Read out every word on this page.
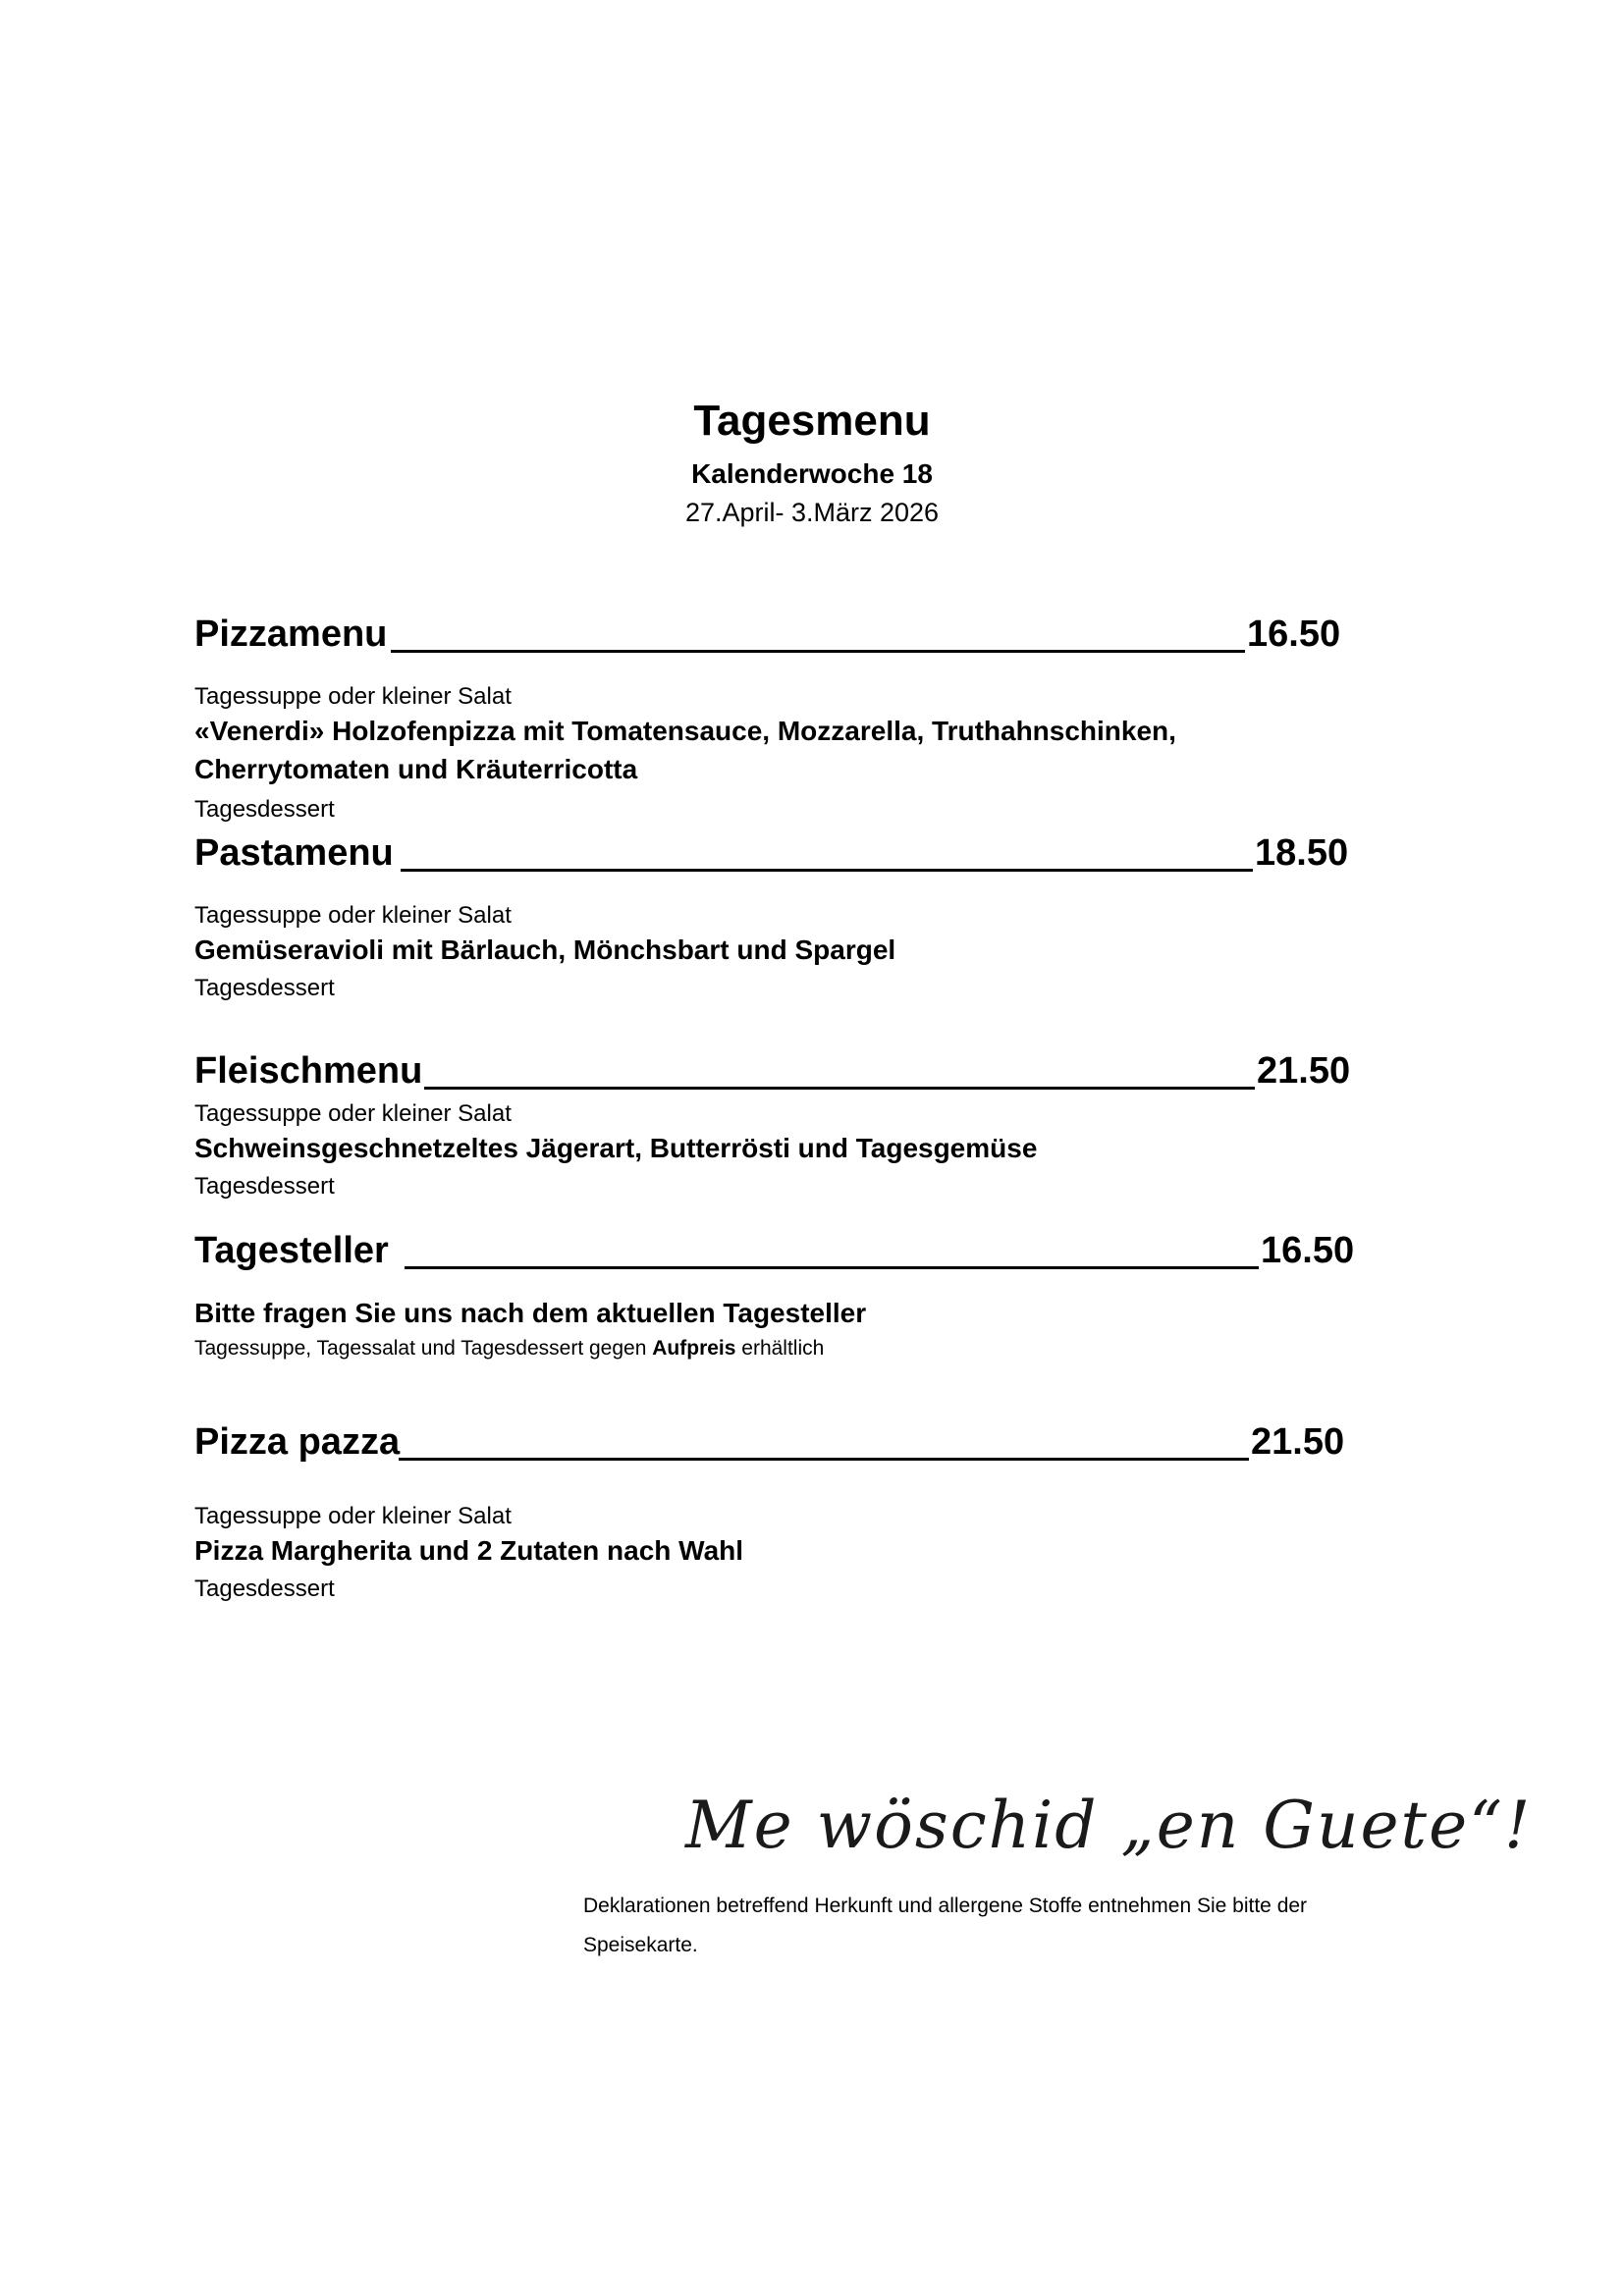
Tagesmenu
Kalenderwoche 18
27.April- 3.März 2026
Pizzamenu	16.50
Tagessuppe oder kleiner Salat
«Venerdi» Holzofenpizza mit Tomatensauce, Mozzarella, Truthahnschinken,
Cherrytomaten und Kräuterricotta
Tagesdessert
Pastamenu	18.50
Tagessuppe oder kleiner Salat
Gemüseravioli mit Bärlauch, Mönchsbart und Spargel
Tagesdessert
Fleischmenu	21.50
Tagessuppe oder kleiner Salat
Schweinsgeschnetzeltes Jägerart, Butterrösti und Tagesgemüse
Tagesdessert
Tagesteller	16.50
Bitte fragen Sie uns nach dem aktuellen Tagesteller
Tagessuppe, Tagessalat und Tagesdessert gegen Aufpreis erhältlich
Pizza pazza	21.50
Tagessuppe oder kleiner Salat
Pizza Margherita und 2 Zutaten nach Wahl
Tagesdessert
Me wöschid „en Guete“!
Deklarationen betreffend Herkunft und allergene Stoffe entnehmen Sie bitte der
Speisekarte.
